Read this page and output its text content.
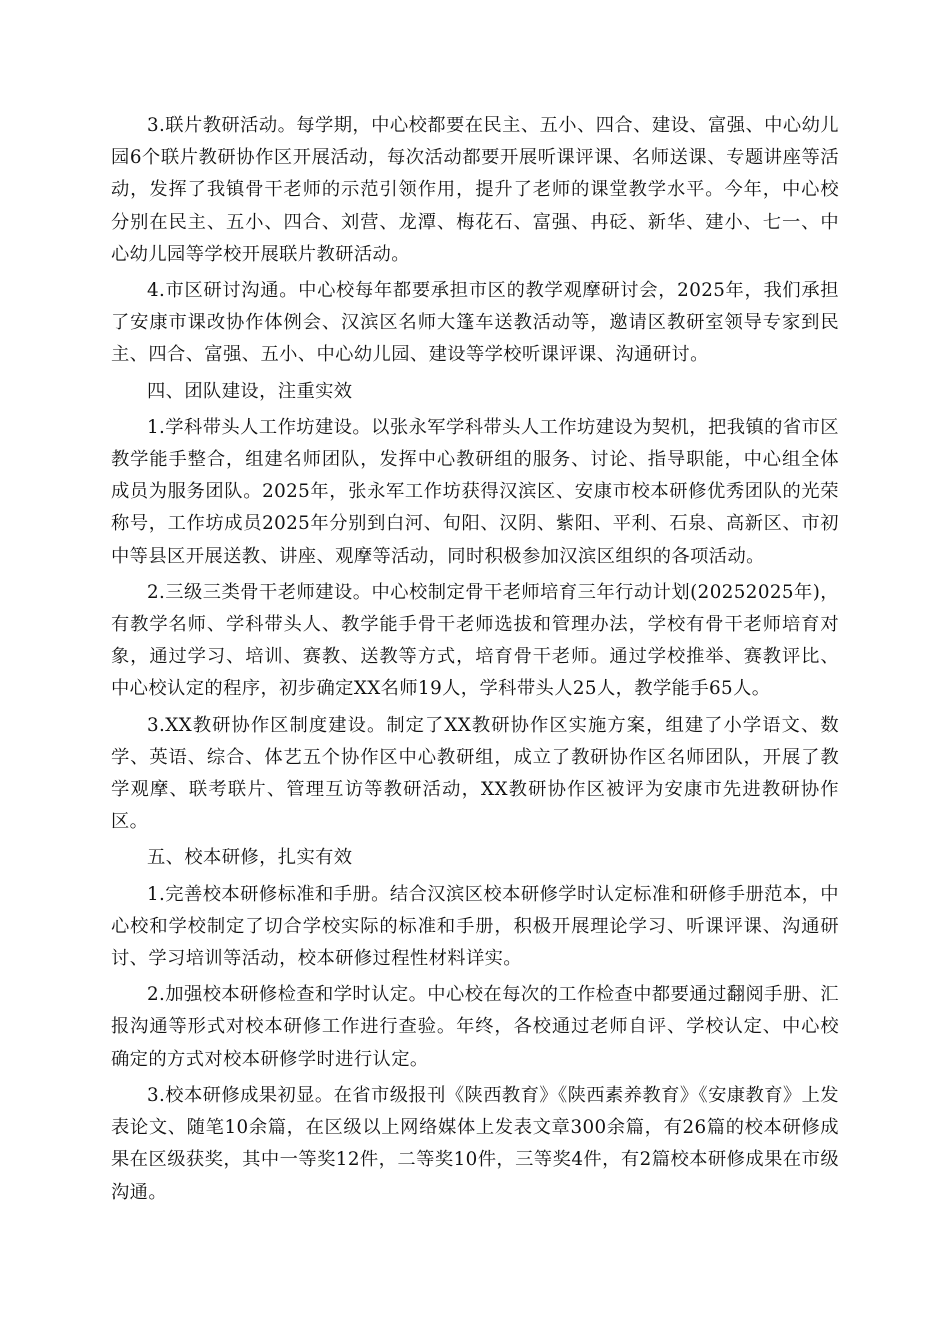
3.联片教研活动。每学期，中心校都要在民主、五小、四合、建设、富强、中心幼儿园6个联片教研协作区开展活动，每次活动都要开展听课评课、名师送课、专题讲座等活动，发挥了我镇骨干老师的示范引领作用，提升了老师的课堂教学水平。今年，中心校分别在民主、五小、四合、刘营、龙潭、梅花石、富强、冉砭、新华、建小、七一、中心幼儿园等学校开展联片教研活动。

4.市区研讨沟通。中心校每年都要承担市区的教学观摩研讨会，2025年，我们承担了安康市课改协作体例会、汉滨区名师大篷车送教活动等，邀请区教研室领导专家到民主、四合、富强、五小、中心幼儿园、建设等学校听课评课、沟通研讨。

四、团队建设，注重实效

1.学科带头人工作坊建设。以张永军学科带头人工作坊建设为契机，把我镇的省市区教学能手整合，组建名师团队，发挥中心教研组的服务、讨论、指导职能，中心组全体成员为服务团队。2025年，张永军工作坊获得汉滨区、安康市校本研修优秀团队的光荣称号，工作坊成员2025年分别到白河、旬阳、汉阴、紫阳、平利、石泉、高新区、市初中等县区开展送教、讲座、观摩等活动，同时积极参加汉滨区组织的各项活动。

2.三级三类骨干老师建设。中心校制定骨干老师培育三年行动计划(20252025年)，有教学名师、学科带头人、教学能手骨干老师选拔和管理办法，学校有骨干老师培育对象，通过学习、培训、赛教、送教等方式，培育骨干老师。通过学校推举、赛教评比、中心校认定的程序，初步确定XX名师19人，学科带头人25人，教学能手65人。

3.XX教研协作区制度建设。制定了XX教研协作区实施方案，组建了小学语文、数学、英语、综合、体艺五个协作区中心教研组，成立了教研协作区名师团队，开展了教学观摩、联考联片、管理互访等教研活动，XX教研协作区被评为安康市先进教研协作区。

五、校本研修，扎实有效

1.完善校本研修标准和手册。结合汉滨区校本研修学时认定标准和研修手册范本，中心校和学校制定了切合学校实际的标准和手册，积极开展理论学习、听课评课、沟通研讨、学习培训等活动，校本研修过程性材料详实。

2.加强校本研修检查和学时认定。中心校在每次的工作检查中都要通过翻阅手册、汇报沟通等形式对校本研修工作进行查验。年终，各校通过老师自评、学校认定、中心校确定的方式对校本研修学时进行认定。

3.校本研修成果初显。在省市级报刊《陕西教育》《陕西素养教育》《安康教育》上发表论文、随笔10余篇，在区级以上网络媒体上发表文章300余篇，有26篇的校本研修成果在区级获奖，其中一等奖12件，二等奖10件，三等奖4件，有2篇校本研修成果在市级沟通。
